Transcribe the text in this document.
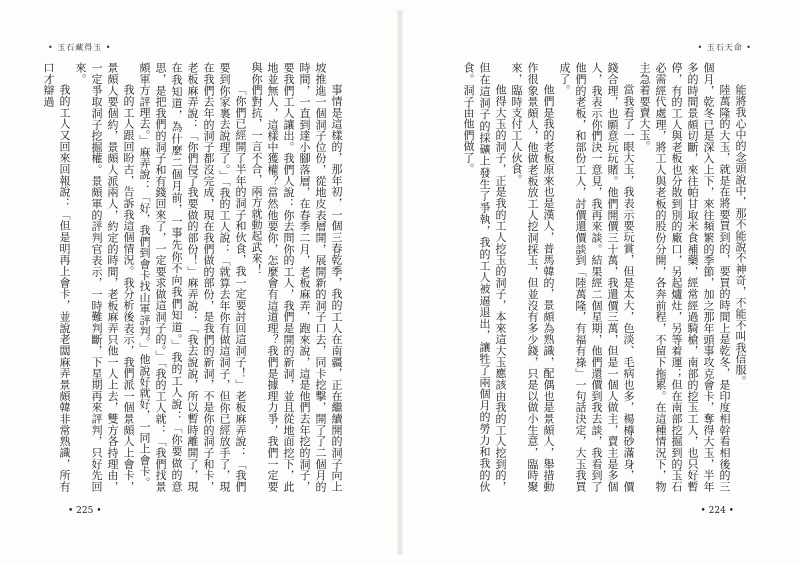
• 玉石藏得玉 •

事情是這樣的，那年初，一個三春乾季，我的工人在南疆，正在繼續開的洞子向上坡推進一個洞子位份，從地皮表層開，展開新的洞子口去，同卡挖擊，開了了二個月的時間，一直到達小腳落層，在春季二月，老板麻弄，跑來說，這是他們去年挖的洞子，要我們工人讓出。我們人說：你去問你的工人，我們是開的新洞，並且從地面挖下，此地並無人，這樣中獲權？當然他要你，怎麼會有這道理？我們是據理力爭，我們一定要與你們對抗，一言不合，兩方就動起武來！

「你們已經開了半年的洞子和伙食，我一定要討回這洞子！」老板麻弄說：「我們要到你家裏去說理了。」「我的工人說：「就算去年你有做這洞子，但你已經放手了，現在我們去年的洞子都沒完成，現在我們做的部份，是我們的新洞，不是你的洞子和卡，老板麻弄說：「你們侵了我要做的部份！」麻弄說：「我去說說，所以暫時離開了，現在我知道，為什麼二個月前，一事先你不向我們知道。」我的工人說：「你要做的意思，是把我們的洞子和有錢回來了，一定要求做這洞子的。」「我的工人就：「我們找景頗軍方評理去。」麻弄說：「好，我們到會卡找山軍評判。」他說好就好，一同上會卡。

我的工人跟回盼古，告訴我這個情況。我分析後表示，我們派一個景頗人上會卡，景頗人要個約，景頗人派兩人，約定的時間，老板麻弄只他一人上去，雙方各持理由，一定爭取洞子挖掘權。景頗軍的評判官表示，一時難判斷，下星期再來評判，只好先回來。

我的工人又回來回報說：「但是明再上會卡，並說老闆麻弄景頗韓非常熟識，所有口才辯過

• 225 •
• 玉石天命 •

能將我心中的念頭說中，那不能說不神奇，不能不叫我信服。

陸萬隆的大玉，就是在將要買到的，要買的時間上是乾冬，是印度相幹看相後的三個月，乾冬已是深入上下，來往頻繁的季節，加之那年頭事攻克會卡，奪得大玉，半年多的時間景頗切斷，來往帕甘取米食補藥，經常經過騎槍，南部的挖玉工人，也只好暫停，有的工人與老板也分散到別的廠口，另起爐灶，另等着運；但在南部挖掘到的玉石必需經代處理，將工人與老板的股份分開，各奔前程，不留下拖累。在這種情況下，物主急着要賣大玉。

當我看了一眼大玉，我表示要玩賞，但是太大，色淡、毛病也多，楊樽砂滿身，價錢合理，也願意玩玩賭。他們開價三十萬，我還價三萬，但是一個人做主，賣主是多個人，我表示你們決一意見，我再來談。結果經二個星期，他們還價到我去談，我看到了他們的老板，和部份工人，討價還價談到「陸萬隆，有福有祿」一句話決定，大玉我買成了。

他們是我的老板原來也是漢人，普馬韓的，景頗為熟識，配偶也是景頗人，舉措動作很象景頗人，他做老板放工人挖洞採玉，但並沒有多少錢，只是以做小生意，臨時聚來，臨時支付工人伙食。

他得大玉的洞子，正是我的工人挖玉的洞子，本來這大玉應該由我的工人挖到的，但在這洞子的採礦上發生了爭執，我的工人被逼退出，讓牲了兩個月的勞力和我的伙食。洞子由他們做了。

• 224 •
